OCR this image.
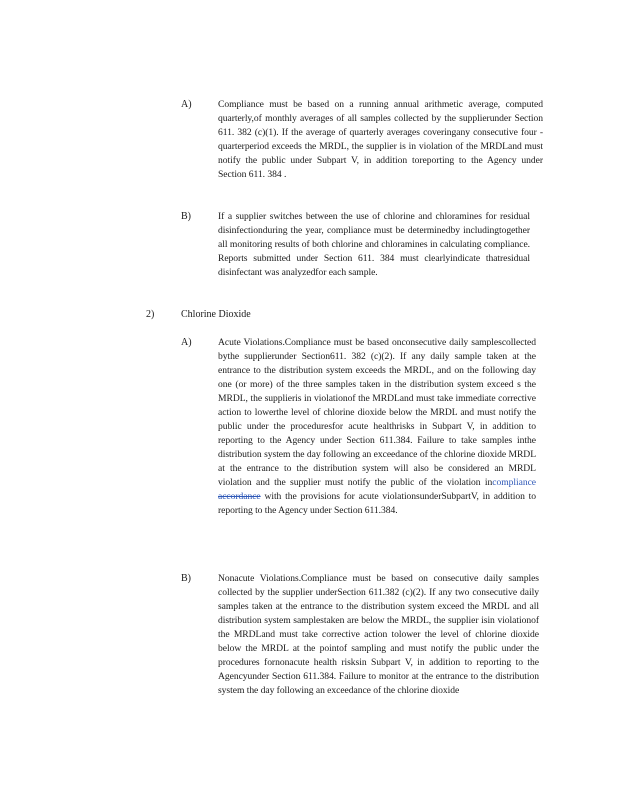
A)	Compliance must be based on a running annual arithmetic average, computed quarterly,of monthly averages of all samples collected by the supplierunder Section 611. 382 (c)(1). If the average of quarterly averages coveringany consecutive four - quarterperiod exceeds the MRDL, the supplier is in violation of the MRDLand must notify the public under Subpart V, in addition toreporting to the Agency under Section 611. 384 .
B)	If a supplier switches between the use of chlorine and chloramines for residual disinfectionduring the year, compliance must be determinedby includingtogether all monitoring results of both chlorine and chloramines in calculating compliance. Reports submitted under Section 611. 384 must clearlyindicate thatresidual disinfectant was analyzedfor each sample.
2)	Chlorine Dioxide
A)	Acute Violations.Compliance must be based onconsecutive daily samplescollected bythe supplierunder Section611. 382 (c)(2). If any daily sample taken at the entrance to the distribution system exceeds the MRDL, and on the following day one (or more) of the three samples taken in the distribution system exceed s the MRDL, the supplieris in violationof the MRDLand must take immediate corrective action to lowerthe level of chlorine dioxide below the MRDL and must notify the public under the proceduresfor acute healthrisks in Subpart V, in addition to reporting to the Agency under Section 611.384. Failure to take samples inthe distribution system the day following an exceedance of the chlorine dioxide MRDL at the entrance to the distribution system will also be considered an MRDL violation and the supplier must notify the public of the violation incompliance accordance with the provisions for acute violationsunderSubpartV, in addition to reporting to the Agency under Section 611.384.
B)	Nonacute Violations.Compliance must be based on consecutive daily samples collected by the supplier underSection 611.382 (c)(2). If any two consecutive daily samples taken at the entrance to the distribution system exceed the MRDL and all distribution system samplestaken are below the MRDL, the supplier isin violationof the MRDLand must take corrective action tolower the level of chlorine dioxide below the MRDL at the pointof sampling and must notify the public under the procedures fornonacute health risksin Subpart V, in addition to reporting to the Agencyunder Section 611.384. Failure to monitor at the entrance to the distribution system the day following an exceedance of the chlorine dioxide
